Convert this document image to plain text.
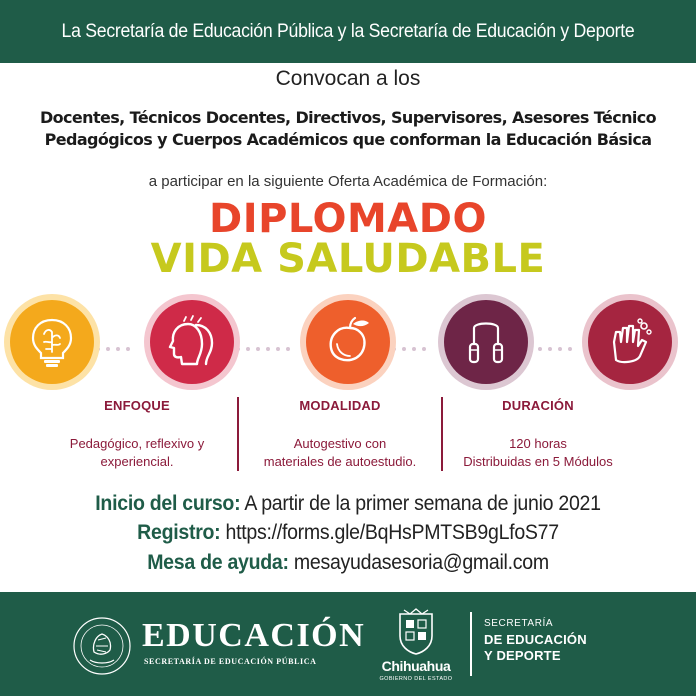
La Secretaría de Educación Pública y la Secretaría de Educación y Deporte
Convocan a los
Docentes, Técnicos Docentes, Directivos, Supervisores, Asesores Técnico
Pedagógicos y Cuerpos Académicos que conforman la Educación Básica
a participar en la siguiente Oferta Académica de Formación:
DIPLOMADO
VIDA SALUDABLE
ENFOQUE
Pedagógico, reflexivo y
experiencial.
MODALIDAD
Autogestivo con
materiales de autoestudio.
DURACIÓN
120 horas
Distribuidas en 5 Módulos
Inicio del curso: A partir de la primer semana de junio 2021
Registro: https://forms.gle/BqHsPMTSB9gLfoS77
Mesa de ayuda: mesayudasesoria@gmail.com
EDUCACIÓN
SECRETARÍA DE EDUCACIÓN PÚBLICA	Chihuahua
GOBIERNO DEL ESTADO
SECRETARÍA
DE EDUCACIÓN
Y DEPORTE
